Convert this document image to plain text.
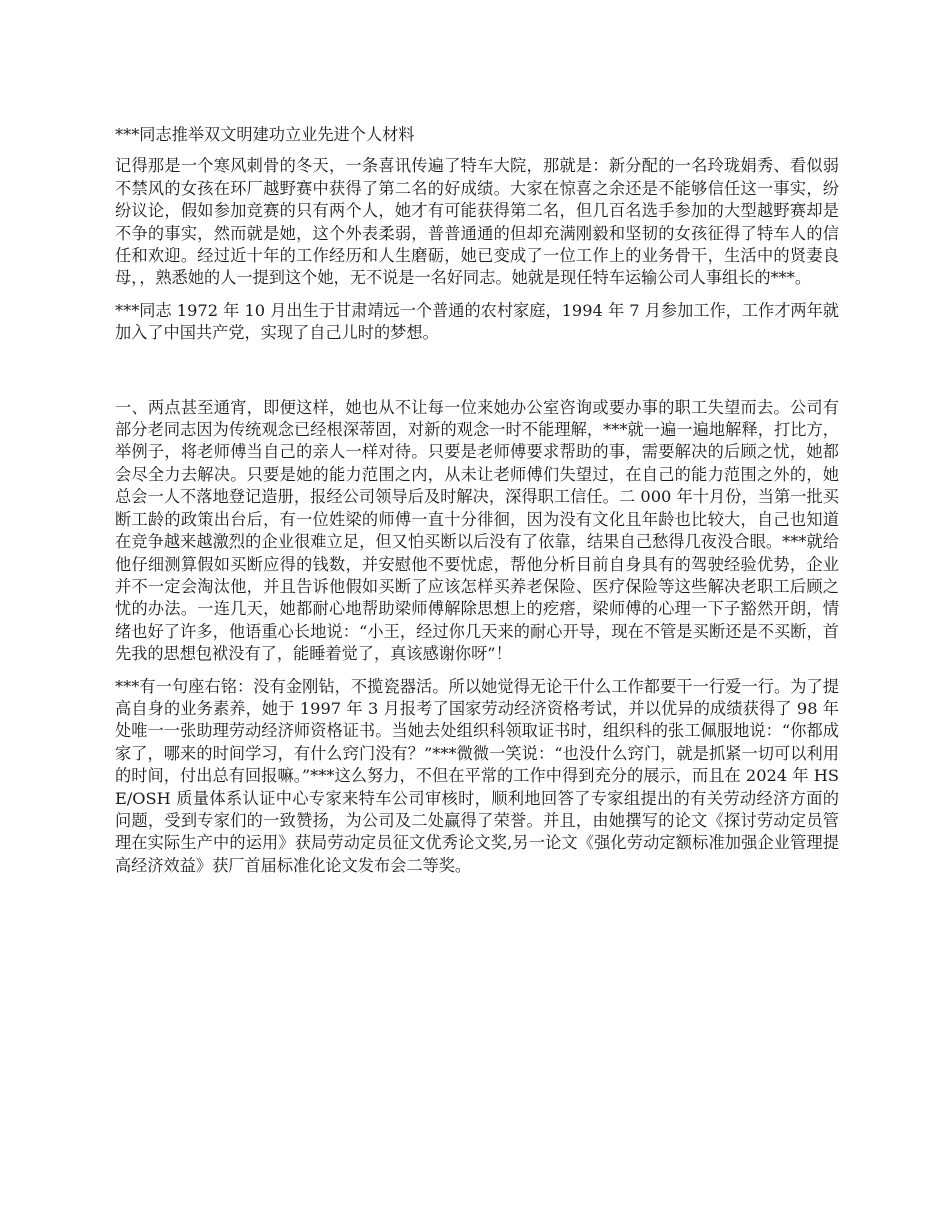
***同志推举双文明建功立业先进个人材料

记得那是一个寒风刺骨的冬天，一条喜讯传遍了特车大院，那就是：新分配的一名玲珑娟秀、看似弱不禁风的女孩在环厂越野赛中获得了第二名的好成绩。大家在惊喜之余还是不能够信任这一事实，纷纷议论，假如参加竞赛的只有两个人，她才有可能获得第二名，但几百名选手参加的大型越野赛却是不争的事实，然而就是她，这个外表柔弱，普普通通的但却充满刚毅和坚韧的女孩征得了特车人的信任和欢迎。经过近十年的工作经历和人生磨砺，她已变成了一位工作上的业务骨干，生活中的贤妻良母，，熟悉她的人一提到这个她，无不说是一名好同志。她就是现任特车运输公司人事组长的***。

***同志 1972 年 10 月出生于甘肃靖远一个普通的农村家庭，1994 年 7 月参加工作，工作才两年就加入了中国共产党，实现了自己儿时的梦想。

一、两点甚至通宵，即便这样，她也从不让每一位来她办公室咨询或要办事的职工失望而去。公司有部分老同志因为传统观念已经根深蒂固，对新的观念一时不能理解，***就一遍一遍地解释，打比方，举例子，将老师傅当自己的亲人一样对待。只要是老师傅要求帮助的事，需要解决的后顾之忧，她都会尽全力去解决。只要是她的能力范围之内，从未让老师傅们失望过，在自己的能力范围之外的，她总会一人不落地登记造册，报经公司领导后及时解决，深得职工信任。二 000 年十月份，当第一批买断工龄的政策出台后，有一位姓梁的师傅一直十分徘徊，因为没有文化且年龄也比较大，自己也知道在竞争越来越激烈的企业很难立足，但又怕买断以后没有了依靠，结果自己愁得几夜没合眼。***就给他仔细测算假如买断应得的钱数，并安慰他不要忧虑，帮他分析目前自身具有的驾驶经验优势，企业并不一定会淘汰他，并且告诉他假如买断了应该怎样买养老保险、医疗保险等这些解决老职工后顾之忧的办法。一连几天，她都耐心地帮助梁师傅解除思想上的疙瘩，梁师傅的心理一下子豁然开朗，情绪也好了许多，他语重心长地说：“小王，经过你几天来的耐心开导，现在不管是买断还是不买断，首先我的思想包袱没有了，能睡着觉了，真该感谢你呀”！

***有一句座右铭：没有金刚钻，不揽瓷器活。所以她觉得无论干什么工作都要干一行爱一行。为了提高自身的业务素养，她于 1997 年 3 月报考了国家劳动经济资格考试，并以优异的成绩获得了 98 年处唯一一张助理劳动经济师资格证书。当她去处组织科领取证书时，组织科的张工佩服地说：“你都成家了，哪来的时间学习，有什么窍门没有？”***微微一笑说：“也没什么窍门，就是抓紧一切可以利用的时间，付出总有回报嘛。”***这么努力，不但在平常的工作中得到充分的展示，而且在 2024 年 HSE/OSH 质量体系认证中心专家来特车公司审核时，顺利地回答了专家组提出的有关劳动经济方面的问题，受到专家们的一致赞扬，为公司及二处赢得了荣誉。并且，由她撰写的论文《探讨劳动定员管理在实际生产中的运用》获局劳动定员征文优秀论文奖,另一论文《强化劳动定额标准加强企业管理提高经济效益》获厂首届标准化论文发布会二等奖。
